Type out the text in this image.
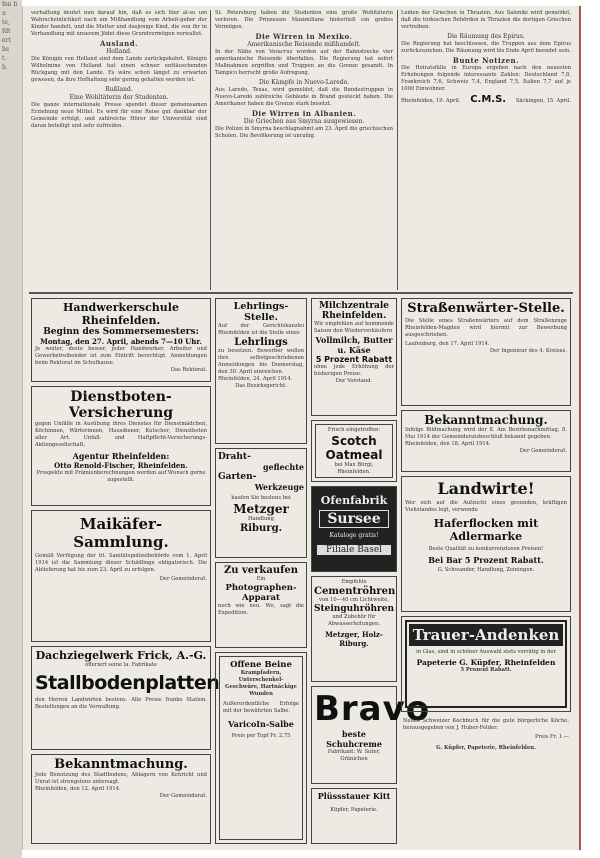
fen b
n
te,
fdt
ert
bs
t.
b.

verhaftung deutet nun darauf hin, daß es sich hier al-so um Wahrscheinlichkeit nach um Mißhandlung vom Arbeit-geber der Kinder handelt, und die Mutter und dasjenige Kind, die von ihr in Verhandlung mit unserem Jödet diese Grundvermögen verwaltet.

Ausland.
Holland.

Die Königin von Holland sind dem Lande zurückgekehrt. Königin Wilhelmine von Holland hat einen schwer enttäuschenden Rückgang mit den Lande. Es wäre schon längst zu erwarten gewesen, da ihre Hofhaltung sehr gering gehalten worden ist.

Rußland.
Eine Wohltäterin der Studenten.

Die ganze internationale Presse spendet dieser gemeinsamen Erziehung neue Mittel. Es wird für eine Reise gut dankbar der Gemeinde erfolgt, und zahlreiche Hörer der Universität sind daran beteiligt und sehr zufrieden.

St. Petersburg haben die Studenten eine große Wohltäterin verloren. Die Prinzessin Maximiliane hinterließ ein großes Vermögen.

Die Wirren in Mexiko.
Amerikanische Reisende mißhandelt.

In der Nähe von Veracruz wurden auf der Bahnstrecke vier amerikanische Reisende überfallen. Die Regierung hat sofort Maßnahmen ergriffen und Truppen an die Grenze gesandt. In Tampico herrscht große Aufregung.

Die Kämpfe in Nuevo-Laredo.

Aus Laredo, Texas, wird gemeldet, daß die Bundestruppen in Nuevo-Laredo zahlreiche Gebäude in Brand gesteckt haben. Die Amerikaner haben die Grenze stark besetzt.

Die Wirren in Albanien.
Die Griechen aus Smyrna ausgewiesen.

Die Polizei in Smyrna beschlagnahmt am 23. April die griechischen Schulen. Die Bevölkerung ist unruhig.

Leiden der Griechen in Thrazien. Aus Saloniki wird gemeldet, daß die türkischen Behörden in Thrazien die dortigen Griechen vertreiben.

Die Räumung des Epirus.

Die Regierung hat beschlossen, die Truppen aus dem Epirus zurückzuziehen. Die Räumung wird bis Ende April beendet sein.

Bunte Notizen.

Die Heiratsfälle in Europa ergeben nach den neuesten Erhebungen folgende interessante Zahlen: Deutschland 7,8, Frankreich 7,6, Schweiz 7,4, England 7,5, Italien 7,7 auf je 1000 Einwohner.

Rheinfelden, 19. April. C.M.S. Säckingen, 15. April.
Handwerkerschule Rheinfelden.
Beginn des Sommersemesters:
Montag, den 27. April, abends 7—10 Uhr.
Je weiter, desto besser, jeder Handwerker, Arbeiter und Gewerbetreibender ist zum Eintritt berechtigt. Anmeldungen beim Rektorat im Schulhause.
Das Rektorat.
Dienstboten-Versicherung
gegen Unfälle in Ausübung ihres Dienstes für Dienstmädchen, Köchinnen, Wärterinnen, Hausdiener, Kutscher, Dienstboten aller Art. Unfall- und Haftpflicht-Versicherungs-Aktiengesellschaft.
Agentur Rheinfelden:
Otto Renold-Fischer, Rheinfelden.
Prospekte mit Prämienberechnungen werden auf Wunsch gerne zugestellt.
Maikäfer-Sammlung.
Gemäß Verfügung der tit. Sanitätspolizeibehörde vom 1. April 1914 ist die Sammlung dieser Schädlinge obligatorisch. Die Ablieferung hat bis zum 23. April zu erfolgen.
Der Gemeinderat.
Dachziegelwerk Frick, A.-G.
offeriert seine la. Fabrikate
Stallbodenplatten
den Herren Landwirten bestens. Alle Preise franko Station. Bestellungen an die Verwaltung.
Bekanntmachung.
Jede Benutzung des Stadtbodens, Ablagern von Kehricht und Unrat ist strengstens untersagt.
Rheinfelden, den 12. April 1914.
Der Gemeinderat.
Lehrlings-Stelle.
Auf der Gerichtskanzlei Rheinfelden ist die Stelle eines
Lehrlings
zu besetzen. Bewerber wollen ihre selbstgeschriebenen Anmeldungen bis Donnerstag, den 30. April einreichen.
Rheinfelden, 24. April 1914.
Das Bezirksgericht.
Draht-
geflechte
Garten-
Werkzeuge
kaufen Sie bestens bei
Metzger
Handlung
Riburg.
Zu verkaufen
Ein
Photographen-Apparat
noch wie neu. Wo, sagt die Expedition.
Offene Beine
Krampfadern, Unterschenkel-Geschwüre, Hartnäckige Wunden
Außerordentliche Erfolge mit der bewährten Salbe.
VaricoIn-Salbe
Preis per Topf Fr. 2.75
Milchzentrale Rheinfelden.
Wir empfehlen auf kommende Saison den Wiederverkäufern
Vollmilch, Butter u. Käse
5 Prozent Rabatt
ohne jede Erhöhung der bisherigen Preise.
Der Vorstand.
Frisch eingetroffen:
Scotch
Oatmeal
bei Max Bürgi, Rheinfelden.
Ofenfabrik
Sursee
Kataloge gratis!
Filiale Basel
Empfehle
Cementröhren
von 10—40 cm Lichtweite,
Steinguhröhren
und Zubehör für Abwasserleitungen.
Metzger, Holz-Riburg.
Bravo
beste Schuhcreme
Fabrikant: W. Suter, Gränichen
Plüssstauer Kitt
Küpfer, Papeterie.
Straßenwärter-Stelle.
Die Stelle eines Straßenwärters auf dem Straßenzuge Rheinfelden-Magden wird hiermit zur Bewerbung ausgeschrieben.
Laufenburg, den 17. April 1914.
Der Ingenieur des 4. Kreises.
Bekanntmachung.
Infolge Bildmachung wird der 8. Am Bezirksnachmittag, 8. Mai 1914 der Gemeinderatsbeschluß bekannt gegeben.
Rheinfelden, den 18. April 1914.
Der Gemeinderat.
Landwirte!
Wer sich auf die Aufzucht eines gesunden, kräftigen Viehstandes legt, verwende
Haferflocken mit Adlermarke
Beste Qualität zu konkurrenzlosen Preisen!
Bei Bar 5 Prozent Rabatt.
G. Schwander, Handlung, Zeiningen.
Trauer-Andenken
in Glas, sind in schöner Auswahl stets vorrätig in der
Papeterie G. Küpfer, Rheinfelden
5 Prozent Rabatt.

Neues Schweizer Kochbuch für die gute bürgerliche Küche, herausgegeben von J. Huber-Felder.

Preis Fr. 1.—

G. Küpfer, Papeterie, Rheinfelden.
